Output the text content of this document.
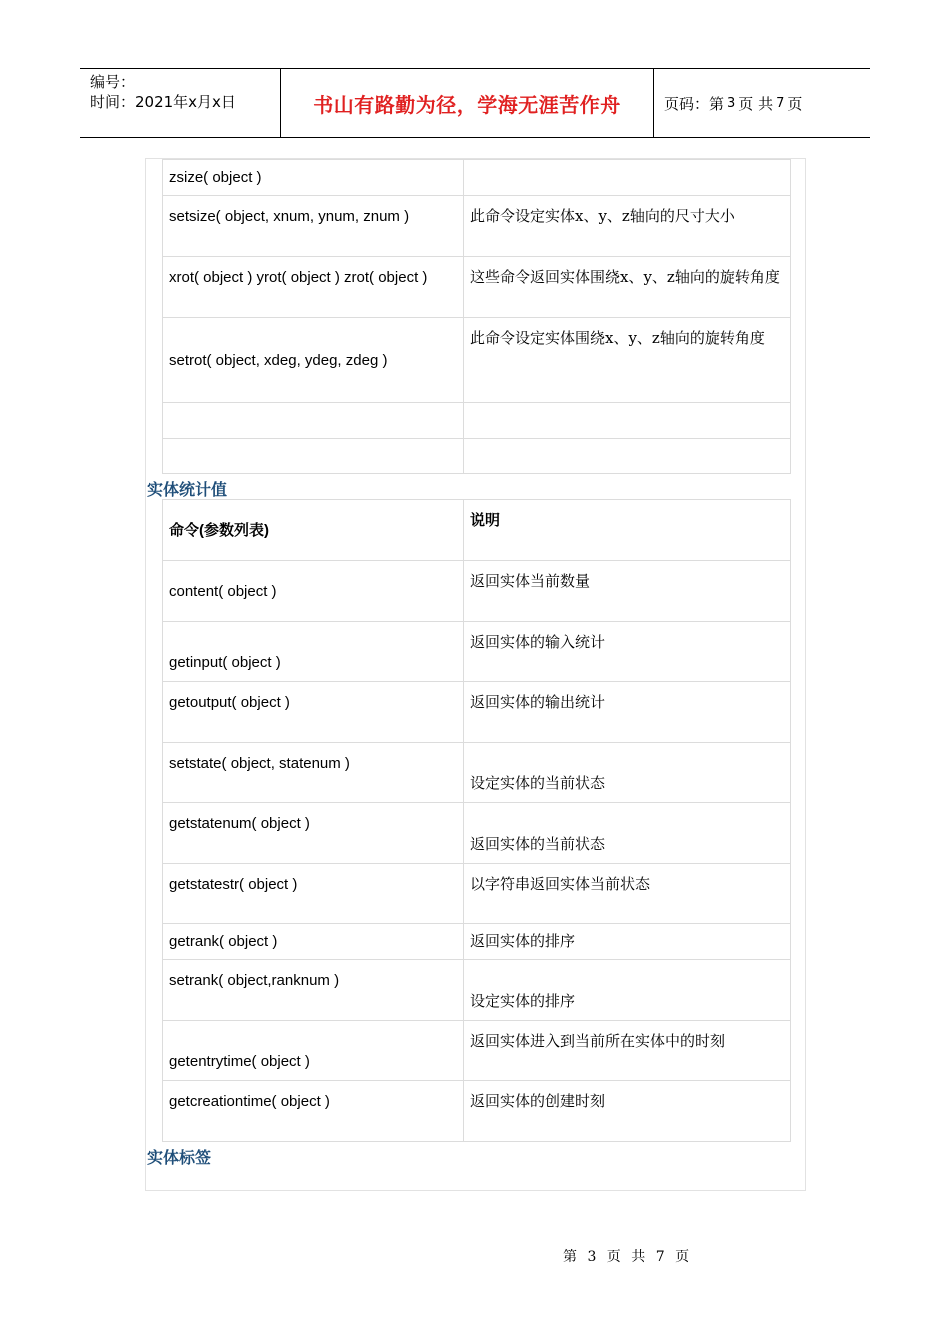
编号：
时间：2021年x月x日	书山有路勤为径，学海无涯苦作舟	页码：第 3 页 共 7 页
zsize( object )	
setsize( object, xnum, ynum, znum )	此命令设定实体x、y、z轴向的尺寸大小
xrot( object ) yrot( object ) zrot( object )	这些命令返回实体围绕x、y、z轴向的旋转角度
setrot( object, xdeg, ydeg, zdeg )	此命令设定实体围绕x、y、z轴向的旋转角度

实体统计值
命令(参数列表)	说明
content( object )	返回实体当前数量
getinput( object )	返回实体的输入统计
getoutput( object )	返回实体的输出统计
setstate( object, statenum )	设定实体的当前状态
getstatenum( object )	返回实体的当前状态
getstatestr( object )	以字符串返回实体当前状态
getrank( object )	返回实体的排序
setrank( object,ranknum )	设定实体的排序
getentrytime( object )	返回实体进入到当前所在实体中的时刻
getcreationtime( object )	返回实体的创建时刻
实体标签
第 3 页 共 7 页
